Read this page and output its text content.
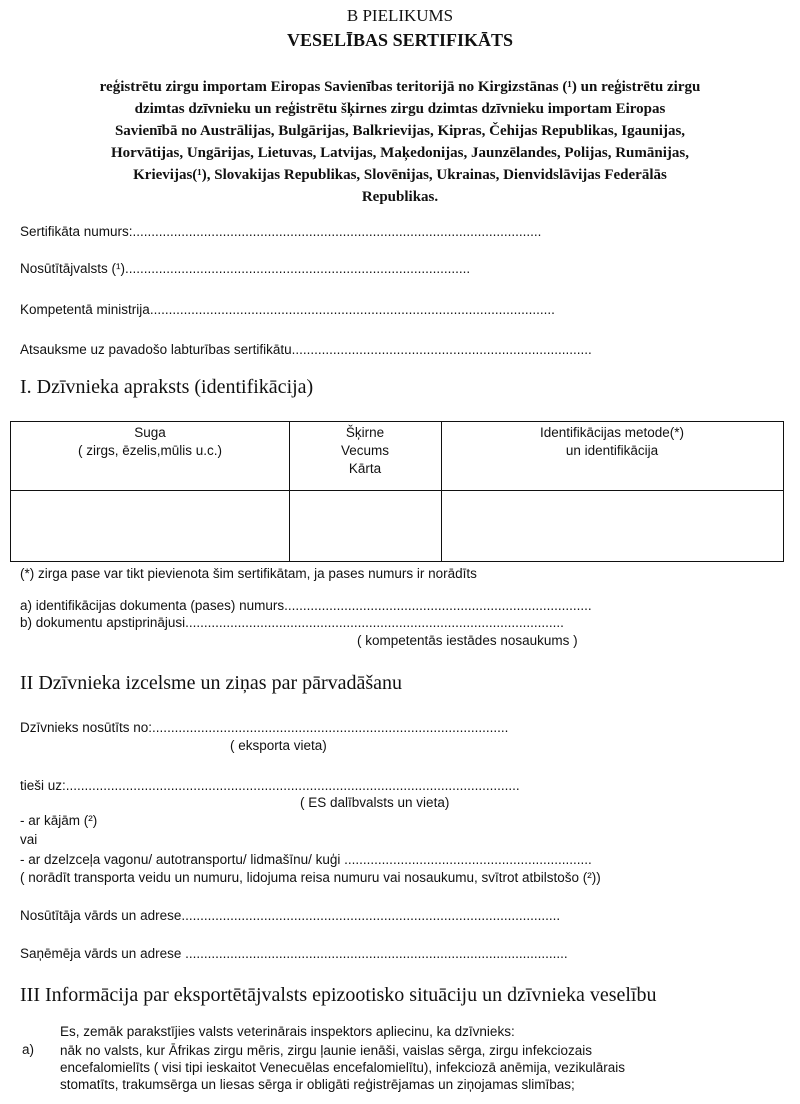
B PIELIKUMS
VESELĪBAS SERTIFIKĀTS
reģistrētu zirgu importam Eiropas Savienības teritorijā no Kirgizstānas (¹) un reģistrētu zirgu
dzimtas dzīvnieku un reģistrētu šķirnes zirgu dzimtas dzīvnieku importam Eiropas
Savienībā no Austrālijas, Bulgārijas, Balkrievijas, Kipras, Čehijas Republikas, Igaunijas,
Horvātijas, Ungārijas, Lietuvas, Latvijas, Maķedonijas, Jaunzēlandes, Polijas, Rumānijas,
Krievijas(¹), Slovakijas Republikas, Slovēnijas, Ukrainas, Dienvidslāvijas Federālās
Republikas.
Sertifikāta numurs:.............................................................................................................
Nosūtītājvalsts (¹)............................................................................................
Kompetentā ministrija............................................................................................................
Atsauksme uz pavadošo labturības sertifikātu................................................................................
I. Dzīvnieka apraksts (identifikācija)
Suga
( zirgs, ēzelis,mūlis u.c.)
Šķirne
Vecums
Kārta
Identifikācijas metode(*)
un identifikācija
(*) zirga pase var tikt pievienota šim sertifikātam, ja pases numurs ir norādīts
a) identifikācijas dokumenta (pases) numurs..................................................................................
b) dokumentu apstiprinājusi.....................................................................................................
( kompetentās iestādes nosaukums )
II Dzīvnieka izcelsme un ziņas par pārvadāšanu
Dzīvnieks nosūtīts no:...............................................................................................
( eksporta vieta)
tieši uz:.........................................................................................................................
( ES dalībvalsts un vieta)
- ar kājām (²)
vai
- ar dzelzceļa vagonu/ autotransportu/ lidmašīnu/ kuģi ..................................................................
( norādīt transporta veidu un numuru, lidojuma reisa numuru vai nosaukumu, svītrot atbilstošo (²))
Nosūtītāja vārds un adrese.....................................................................................................
Saņēmēja vārds un adrese ......................................................................................................
III Informācija par eksportētājvalsts epizootisko situāciju un dzīvnieka veselību
Es, zemāk parakstījies valsts veterinārais inspektors apliecinu, ka dzīvnieks:
a) nāk no valsts, kur Āfrikas zirgu mēris, zirgu ļaunie ienāši, vaislas sērga, zirgu infekciozais
encefalomielīts ( visi tipi ieskaitot Venecuēlas encefalomielītu), infekciozā anēmija, vezikulārais
stomatīts, trakumsērga un liesas sērga ir obligāti reģistrējamas un ziņojamas slimības;
